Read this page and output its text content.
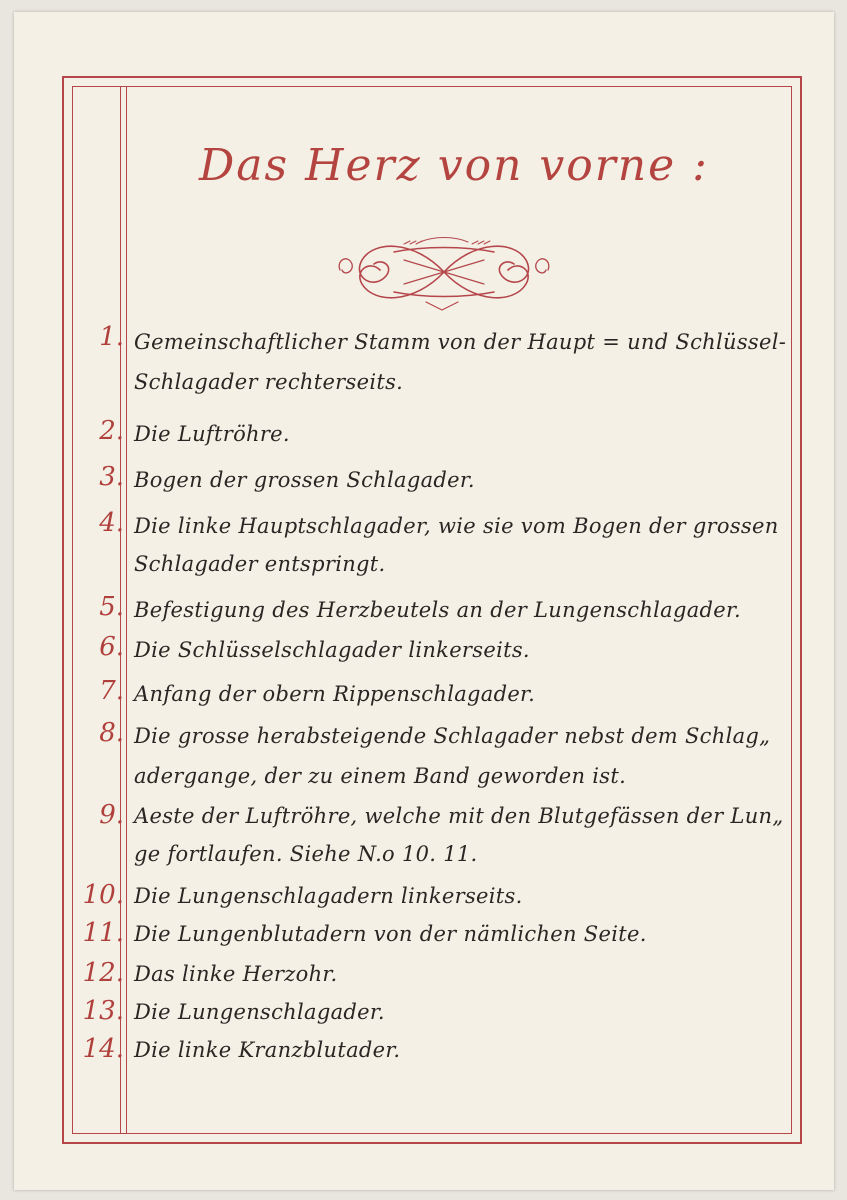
Das Herz von vorne :
1. Gemeinschaftlicher Stamm von der Haupt = und Schlüssel-
Schlagader rechterseits.
2. Die Luftröhre.
3. Bogen der grossen Schlagader.
4. Die linke Hauptschlagader, wie sie vom Bogen der grossen
Schlagader entspringt.
5. Befestigung des Herzbeutels an der Lungenschlagader.
6. Die Schlüsselschlagader linkerseits.
7. Anfang der obern Rippenschlagader.
8. Die grosse herabsteigende Schlagader nebst dem Schlag„
adergange, der zu einem Band geworden ist.
9. Aeste der Luftröhre, welche mit den Blutgefässen der Lun„
ge fortlaufen. Siehe N.o 10. 11.
10. Die Lungenschlagadern linkerseits.
11. Die Lungenblutadern von der nämlichen Seite.
12. Das linke Herzohr.
13. Die Lungenschlagader.
14. Die linke Kranzblutader.
